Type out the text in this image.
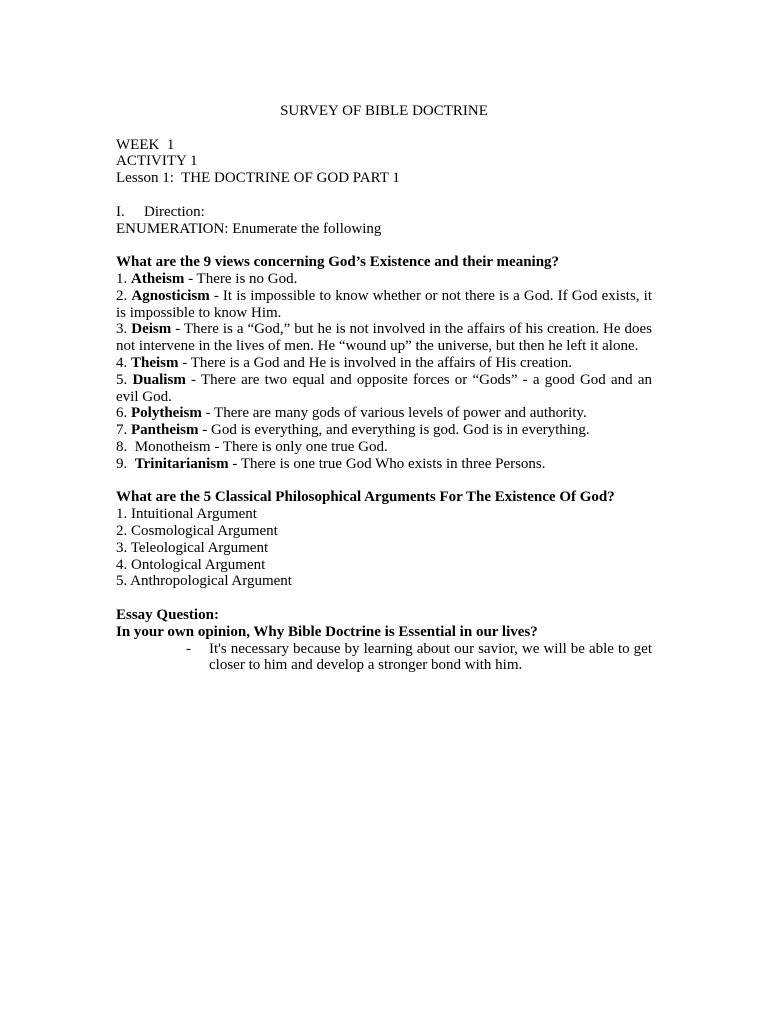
SURVEY OF BIBLE DOCTRINE
WEEK  1
ACTIVITY 1
Lesson 1:  THE DOCTRINE OF GOD PART 1
I. Direction:
ENUMERATION: Enumerate the following
What are the 9 views concerning God’s Existence and their meaning?
1. Atheism - There is no God.
2. Agnosticism - It is impossible to know whether or not there is a God. If God exists, it is impossible to know Him.
3. Deism - There is a “God,” but he is not involved in the affairs of his creation. He does not intervene in the lives of men. He “wound up” the universe, but then he left it alone.
4. Theism - There is a God and He is involved in the affairs of His creation.
5. Dualism - There are two equal and opposite forces or “Gods” - a good God and an evil God.
6. Polytheism - There are many gods of various levels of power and authority.
7. Pantheism - God is everything, and everything is god. God is in everything.
8.  Monotheism - There is only one true God.
9.  Trinitarianism - There is one true God Who exists in three Persons.
What are the 5 Classical Philosophical Arguments For The Existence Of God?
1. Intuitional Argument
2. Cosmological Argument
3. Teleological Argument
4. Ontological Argument
5. Anthropological Argument
Essay Question:
In your own opinion, Why Bible Doctrine is Essential in our lives?
- It's necessary because by learning about our savior, we will be able to get closer to him and develop a stronger bond with him.
